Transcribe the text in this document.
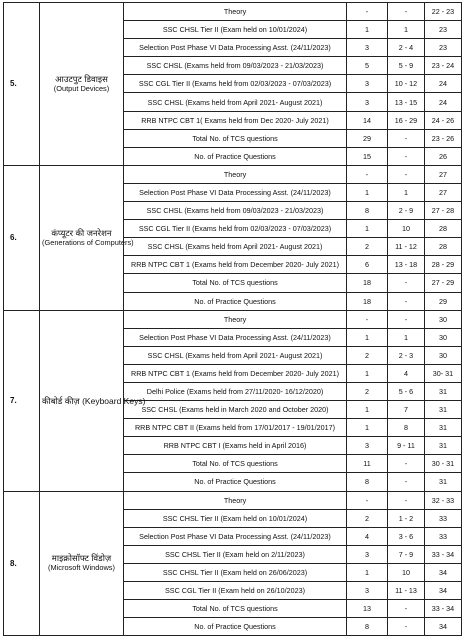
5.	आउटपुट डिवाइस
(Output Devices)	Theory	-	-	22 - 23
		SSC CHSL Tier II (Exam held on 10/01/2024)	1	1	23
		Selection Post Phase VI Data Processing Asst. (24/11/2023)	3	2 - 4	23
		SSC CHSL (Exams held from 09/03/2023 - 21/03/2023)	5	5 - 9	23 - 24
		SSC CGL Tier II (Exams held from 02/03/2023 - 07/03/2023)	3	10 - 12	24
		SSC CHSL (Exams held from April 2021- August 2021)	3	13 - 15	24
		RRB NTPC CBT 1( Exams held from Dec 2020- July 2021)	14	16 - 29	24 - 26
		Total No. of TCS questions	29	-	23 - 26
		No. of Practice Questions	15	-	26
6.	कंप्यूटर की जनरेशन
(Generations of Computers)	Theory	-	-	27
		Selection Post Phase VI Data Processing Asst. (24/11/2023)	1	1	27
		SSC CHSL (Exams held from 09/03/2023 - 21/03/2023)	8	2 - 9	27 - 28
		SSC CGL Tier II (Exams held from 02/03/2023 - 07/03/2023)	1	10	28
		SSC CHSL (Exams held from April 2021- August 2021)	2	11 - 12	28
		RRB NTPC CBT 1 (Exams held from December 2020- July 2021)	6	13 - 18	28 - 29
		Total No. of TCS questions	18	-	27 - 29
		No. of Practice Questions	18	-	29
7.	कीबोर्ड कीज़ (Keyboard Keys)	Theory	-	-	30
		Selection Post Phase VI Data Processing Asst. (24/11/2023)	1	1	30
		SSC CHSL (Exams held from April 2021- August 2021)	2	2 - 3	30
		RRB NTPC CBT 1 (Exams held from December 2020- July 2021)	1	4	30- 31
		Delhi Police (Exams held from 27/11/2020- 16/12/2020)	2	5 - 6	31
		SSC CHSL (Exams held in March 2020 and October 2020)	1	7	31
		RRB NTPC CBT II (Exams held from 17/01/2017 - 19/01/2017)	1	8	31
		RRB NTPC CBT I (Exams held in April 2016)	3	9 - 11	31
		Total No. of TCS questions	11	-	30 - 31
		No. of Practice Questions	8	-	31
8.	माइक्रोसॉफ्ट विंडोज़
(Microsoft Windows)	Theory	-	-	32 - 33
		SSC CHSL Tier II (Exam held on 10/01/2024)	2	1 - 2	33
		Selection Post Phase VI Data Processing Asst. (24/11/2023)	4	3 - 6	33
		SSC CHSL Tier II (Exam held on 2/11/2023)	3	7 - 9	33 - 34
		SSC CHSL Tier II (Exam held on 26/06/2023)	1	10	34
		SSC CGL Tier II (Exam held on 26/10/2023)	3	11 - 13	34
		Total No. of TCS questions	13	-	33 - 34
		No. of Practice Questions	8	-	34
